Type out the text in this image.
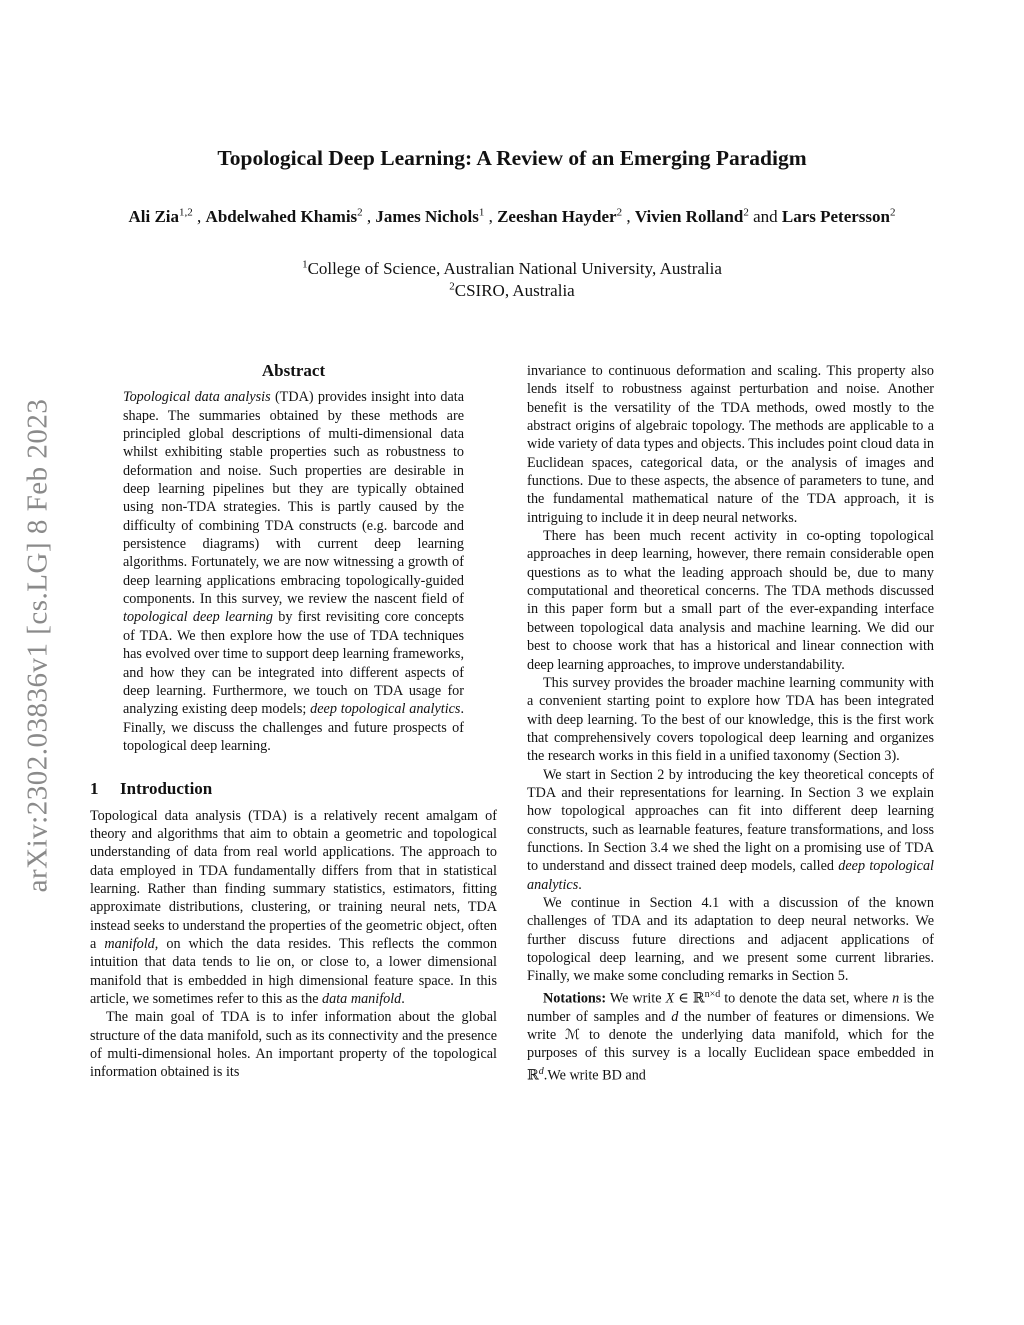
arXiv:2302.03836v1 [cs.LG] 8 Feb 2023
Topological Deep Learning: A Review of an Emerging Paradigm
Ali Zia$^{1,2}$ , Abdelwahed Khamis$^2$ , James Nichols$^1$ , Zeeshan Hayder$^2$ , Vivien Rolland$^2$ and Lars Petersson$^2$
$^1$College of Science, Australian National University, Australia
$^2$CSIRO, Australia
Abstract

Topological data analysis (TDA) provides insight into data shape. The summaries obtained by these methods are principled global descriptions of multi-dimensional data whilst exhibiting stable properties such as robustness to deformation and noise. Such properties are desirable in deep learning pipelines but they are typically obtained using non-TDA strategies. This is partly caused by the difficulty of combining TDA constructs (e.g. barcode and persistence diagrams) with current deep learning algorithms. Fortunately, we are now witnessing a growth of deep learning applications embracing topologically-guided components. In this survey, we review the nascent field of topological deep learning by first revisiting core concepts of TDA. We then explore how the use of TDA techniques has evolved over time to support deep learning frameworks, and how they can be integrated into different aspects of deep learning. Furthermore, we touch on TDA usage for analyzing existing deep models; deep topological analytics. Finally, we discuss the challenges and future prospects of topological deep learning.

1	Introduction

Topological data analysis (TDA) is a relatively recent amalgam of theory and algorithms that aim to obtain a geometric and topological understanding of data from real world applications. The approach to data employed in TDA fundamentally differs from that in statistical learning. Rather than finding summary statistics, estimators, fitting approximate distributions, clustering, or training neural nets, TDA instead seeks to understand the properties of the geometric object, often a manifold, on which the data resides. This reflects the common intuition that data tends to lie on, or close to, a lower dimensional manifold that is embedded in high dimensional feature space. In this article, we sometimes refer to this as the data manifold.

The main goal of TDA is to infer information about the global structure of the data manifold, such as its connectivity and the presence of multi-dimensional holes. An important property of the topological information obtained is its

invariance to continuous deformation and scaling. This property also lends itself to robustness against perturbation and noise. Another benefit is the versatility of the TDA methods, owed mostly to the abstract origins of algebraic topology. The methods are applicable to a wide variety of data types and objects. This includes point cloud data in Euclidean spaces, categorical data, or the analysis of images and functions. Due to these aspects, the absence of parameters to tune, and the fundamental mathematical nature of the TDA approach, it is intriguing to include it in deep neural networks.

There has been much recent activity in co-opting topological approaches in deep learning, however, there remain considerable open questions as to what the leading approach should be, due to many computational and theoretical concerns. The TDA methods discussed in this paper form but a small part of the ever-expanding interface between topological data analysis and machine learning. We did our best to choose work that has a historical and linear connection with deep learning approaches, to improve understandability.

This survey provides the broader machine learning community with a convenient starting point to explore how TDA has been integrated with deep learning. To the best of our knowledge, this is the first work that comprehensively covers topological deep learning and organizes the research works in this field in a unified taxonomy (Section 3).

We start in Section 2 by introducing the key theoretical concepts of TDA and their representations for learning. In Section 3 we explain how topological approaches can fit into different deep learning constructs, such as learnable features, feature transformations, and loss functions. In Section 3.4 we shed the light on a promising use of TDA to understand and dissect trained deep models, called deep topological analytics.

We continue in Section 4.1 with a discussion of the known challenges of TDA and its adaptation to deep neural networks. We further discuss future directions and adjacent applications of topological deep learning, and we present some current libraries. Finally, we make some concluding remarks in Section 5.

Notations: We write X ∈ ℝ$^{n\times d}$ to denote the data set, where n is the number of samples and d the number of features or dimensions. We write ℳ to denote the underlying data manifold, which for the purposes of this survey is a locally Euclidean space embedded in ℝ$^d$.We write BD and
